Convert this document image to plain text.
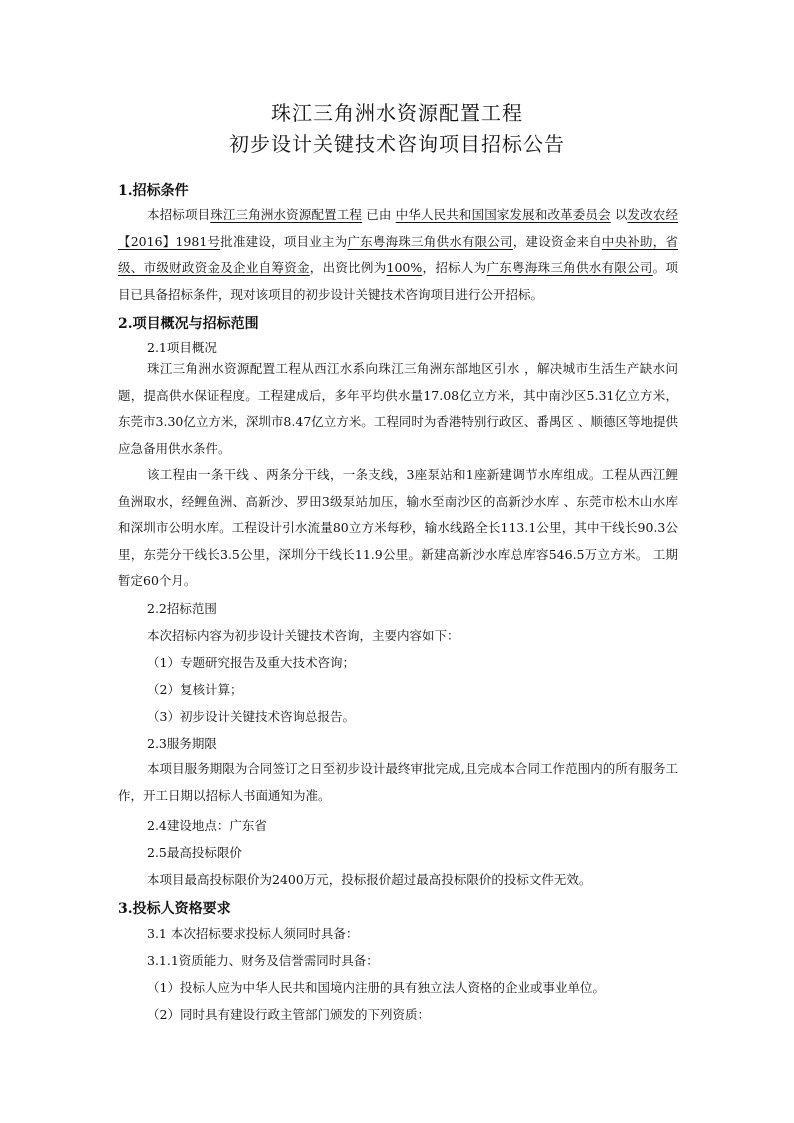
珠江三角洲水资源配置工程
初步设计关键技术咨询项目招标公告
1.招标条件
本招标项目珠江三角洲水资源配置工程 已由 中华人民共和国国家发展和改革委员会 以发改农经【2016】1981号批准建设，项目业主为广东粤海珠三角供水有限公司，建设资金来自中央补助，省级、市级财政资金及企业自筹资金，出资比例为100%，招标人为广东粤海珠三角供水有限公司。项目已具备招标条件，现对该项目的初步设计关键技术咨询项目进行公开招标。
2.项目概况与招标范围
2.1项目概况
珠江三角洲水资源配置工程从西江水系向珠江三角洲东部地区引水 ，解决城市生活生产缺水问题，提高供水保证程度。工程建成后，多年平均供水量17.08亿立方米，其中南沙区5.31亿立方米，东莞市3.30亿立方米，深圳市8.47亿立方米。工程同时为香港特别行政区、番禺区 、顺德区等地提供应急备用供水条件。
该工程由一条干线 、两条分干线，一条支线，3座泵站和1座新建调节水库组成。工程从西江鲤鱼洲取水，经鲤鱼洲、高新沙、罗田3级泵站加压，输水至南沙区的高新沙水库 、东莞市松木山水库和深圳市公明水库。工程设计引水流量80立方米每秒，输水线路全长113.1公里，其中干线长90.3公里，东莞分干线长3.5公里，深圳分干线长11.9公里。新建高新沙水库总库容546.5万立方米。 工期暂定60个月。
2.2招标范围
本次招标内容为初步设计关键技术咨询，主要内容如下：
（1）专题研究报告及重大技术咨询；
（2）复核计算；
（3）初步设计关键技术咨询总报告。
2.3服务期限
本项目服务期限为合同签订之日至初步设计最终审批完成,且完成本合同工作范围内的所有服务工作，开工日期以招标人书面通知为准。
2.4建设地点：广东省
2.5最高投标限价
本项目最高投标限价为2400万元，投标报价超过最高投标限价的投标文件无效。
3.投标人资格要求
3.1 本次招标要求投标人须同时具备：
3.1.1资质能力、财务及信誉需同时具备：
（1）投标人应为中华人民共和国境内注册的具有独立法人资格的企业或事业单位。
（2）同时具有建设行政主管部门颁发的下列资质：
